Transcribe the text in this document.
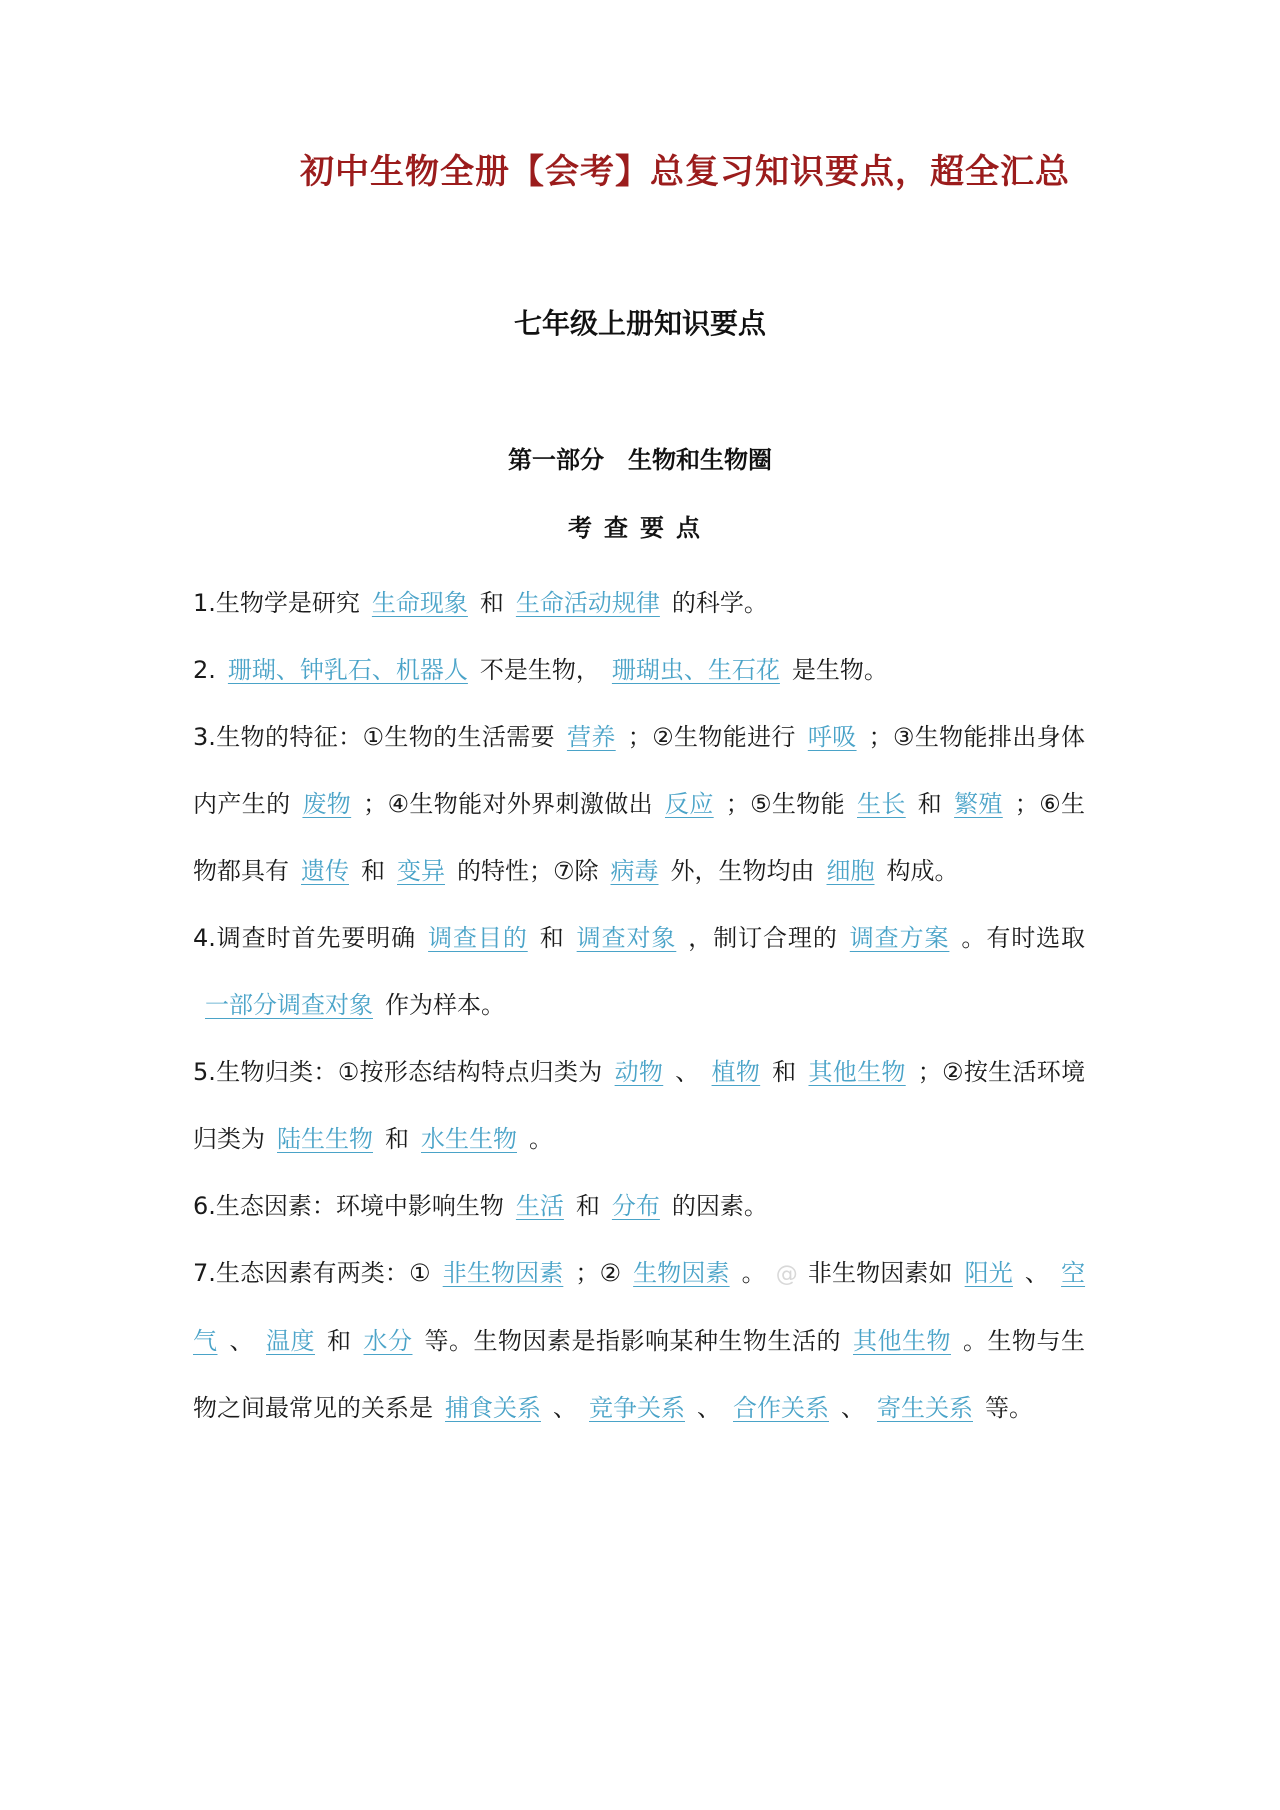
初中生物全册【会考】总复习知识要点，超全汇总
七年级上册知识要点
第一部分　生物和生物圈
考查要点

1.生物学是研究 生命现象 和 生命活动规律 的科学。

2. 珊瑚、钟乳石、机器人 不是生物， 珊瑚虫、生石花 是生物。

3.生物的特征：①生物的生活需要 营养 ；②生物能进行 呼吸 ；③生物能排出身体内产生的 废物 ；④生物能对外界刺激做出 反应 ；⑤生物能 生长 和 繁殖 ；⑥生物都具有 遗传 和 变异 的特性；⑦除 病毒 外，生物均由 细胞 构成。

4.调查时首先要明确 调查目的 和 调查对象 ，制订合理的 调查方案 。有时选取一部分调查对象 作为样本。

5.生物归类：①按形态结构特点归类为 动物 、 植物 和 其他生物 ；②按生活环境归类为 陆生生物 和 水生生物 。

6.生态因素：环境中影响生物 生活 和 分布 的因素。

7.生态因素有两类：① 非生物因素 ；② 生物因素 。 @ 非生物因素如 阳光 、 空气 、 温度 和 水分 等。生物因素是指影响某种生物生活的 其他生物 。生物与生物之间最常见的关系是 捕食关系 、 竞争关系 、 合作关系 、 寄生关系 等。
